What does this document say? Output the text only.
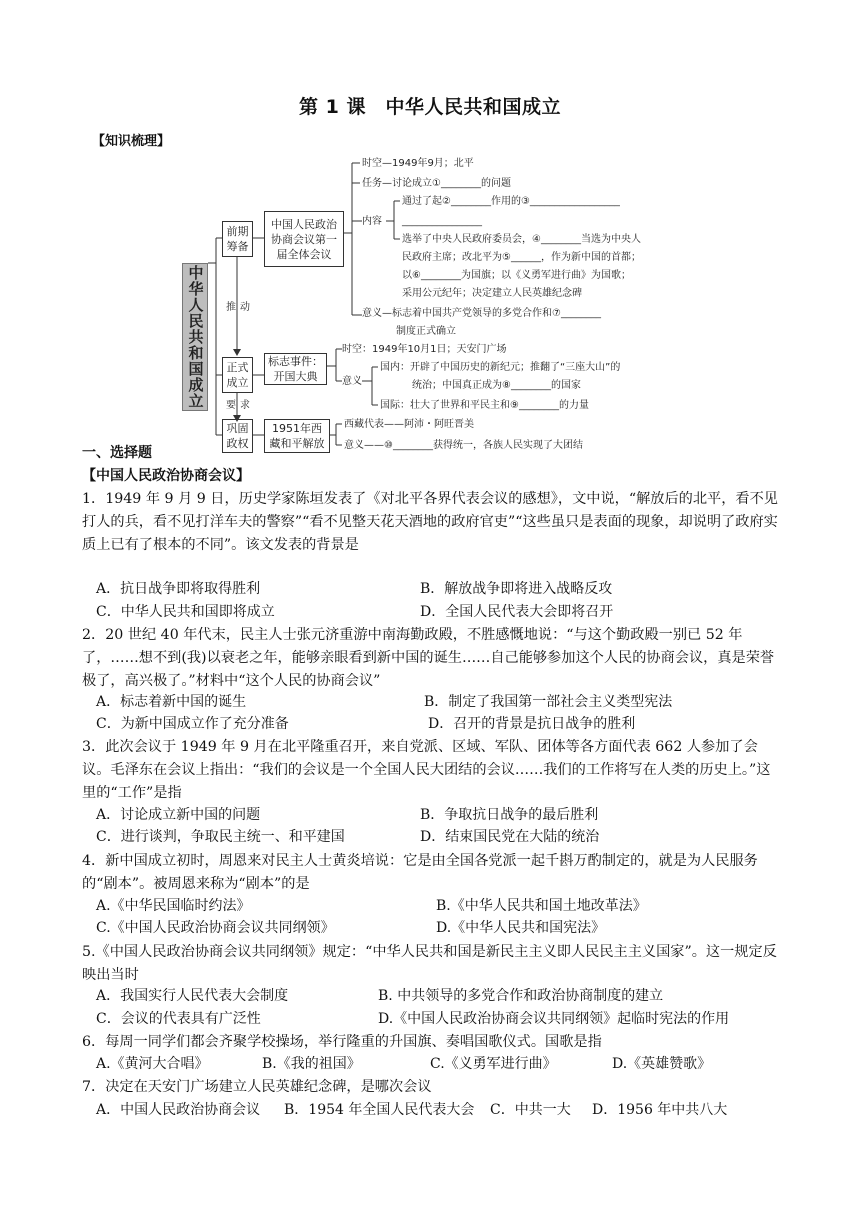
第 1 课　中华人民共和国成立
【知识梳理】
中华人民共和国成立
前期筹备
正式成立
巩固政权
推动
要求
中国人民政治协商会议第一届全体会议
标志事件：开国大典
1951年西藏和平解放
时空—1949年9月；北平
任务—讨论成立①________的问题
内容
通过了起②________作用的③__________________
________________
选举了中央人民政府委员会，④________当选为中央人
民政府主席；改北平为⑤______，作为新中国的首都；
以⑥________为国旗；以《义勇军进行曲》为国歌；
采用公元纪年；决定建立人民英雄纪念碑
意义—标志着中国共产党领导的多党合作和⑦________
制度正式确立
时空：1949年10月1日；天安门广场
意义
国内：开辟了中国历史的新纪元；推翻了“三座大山”的
统治；中国真正成为⑧________的国家
国际：壮大了世界和平民主和⑨________的力量
西藏代表——阿沛・阿旺晋美
意义——⑩________获得统一，各族人民实现了大团结
一、选择题
【中国人民政治协商会议】
1．1949 年 9 月 9 日，历史学家陈垣发表了《对北平各界代表会议的感想》，文中说，“解放后的北平，看不见打人的兵，看不见打洋车夫的警察”“看不见整天花天酒地的政府官吏”“这些虽只是表面的现象，却说明了政府实质上已有了根本的不同”。该文发表的背景是
A．抗日战争即将取得胜利	B．解放战争即将进入战略反攻
C．中华人民共和国即将成立	D．全国人民代表大会即将召开
2．20 世纪 40 年代末，民主人士张元济重游中南海勤政殿，不胜感慨地说：“与这个勤政殿一别已 52 年了，……想不到(我)以衰老之年，能够亲眼看到新中国的诞生……自己能够参加这个人民的协商会议，真是荣誉极了，高兴极了。”材料中“这个人民的协商会议”
A．标志着新中国的诞生	B．制定了我国第一部社会主义类型宪法
C．为新中国成立作了充分准备	D．召开的背景是抗日战争的胜利
3．此次会议于 1949 年 9 月在北平隆重召开，来自党派、区域、军队、团体等各方面代表 662 人参加了会议。毛泽东在会议上指出：“我们的会议是一个全国人民大团结的会议……我们的工作将写在人类的历史上。”这里的“工作”是指
A．讨论成立新中国的问题	B．争取抗日战争的最后胜利
C．进行谈判，争取民主统一、和平建国	D．结束国民党在大陆的统治
4．新中国成立初时，周恩来对民主人士黄炎培说：它是由全国各党派一起千斟万酌制定的，就是为人民服务的“剧本”。被周恩来称为“剧本”的是
A.《中华民国临时约法》	B.《中华人民共和国土地改革法》
C.《中国人民政治协商会议共同纲领》	D.《中华人民共和国宪法》
5.《中国人民政治协商会议共同纲领》规定：“中华人民共和国是新民主主义即人民民主主义国家”。这一规定反映出当时
A．我国实行人民代表大会制度	B. 中共领导的多党合作和政治协商制度的建立
C．会议的代表具有广泛性	D.《中国人民政治协商会议共同纲领》起临时宪法的作用
6．每周一同学们都会齐聚学校操场，举行隆重的升国旗、奏唱国歌仪式。国歌是指
A.《黄河大合唱》	B.《我的祖国》	C.《义勇军进行曲》	D.《英雄赞歌》
7．决定在天安门广场建立人民英雄纪念碑，是哪次会议
A．中国人民政治协商会议 B．1954 年全国人民代表大会 C．中共一大 D．1956 年中共八大
